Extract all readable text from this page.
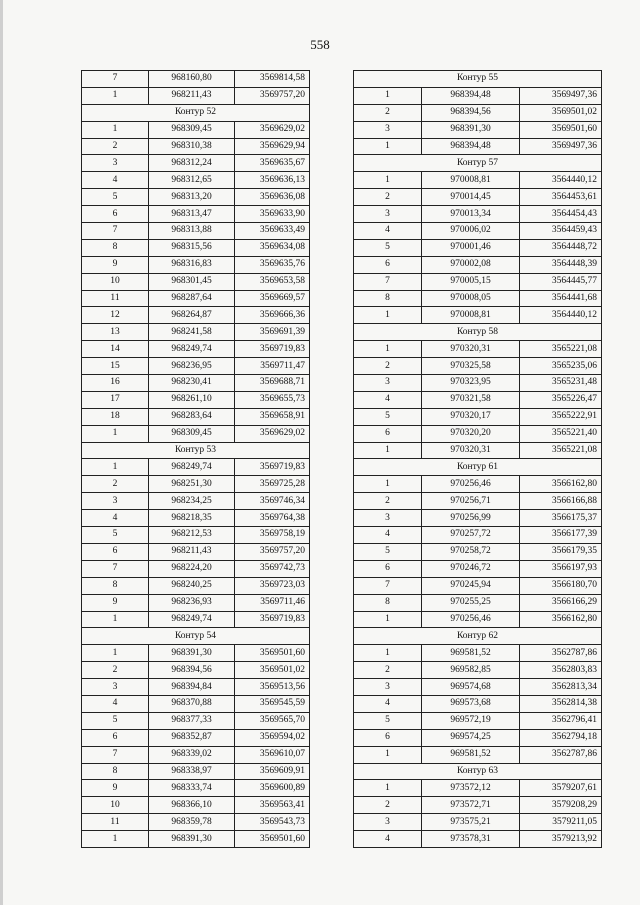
558
7	968160,80	3569814,58
1	968211,43	3569757,20
Контур 52		
1	968309,45	3569629,02
2	968310,38	3569629,94
3	968312,24	3569635,67
4	968312,65	3569636,13
5	968313,20	3569636,08
6	968313,47	3569633,90
7	968313,88	3569633,49
8	968315,56	3569634,08
9	968316,83	3569635,76
10	968301,45	3569653,58
11	968287,64	3569669,57
12	968264,87	3569666,36
13	968241,58	3569691,39
14	968249,74	3569719,83
15	968236,95	3569711,47
16	968230,41	3569688,71
17	968261,10	3569655,73
18	968283,64	3569658,91
1	968309,45	3569629,02
Контур 53		
1	968249,74	3569719,83
2	968251,30	3569725,28
3	968234,25	3569746,34
4	968218,35	3569764,38
5	968212,53	3569758,19
6	968211,43	3569757,20
7	968224,20	3569742,73
8	968240,25	3569723,03
9	968236,93	3569711,46
1	968249,74	3569719,83
Контур 54		
1	968391,30	3569501,60
2	968394,56	3569501,02
3	968394,84	3569513,56
4	968370,88	3569545,59
5	968377,33	3569565,70
6	968352,87	3569594,02
7	968339,02	3569610,07
8	968338,97	3569609,91
9	968333,74	3569600,89
10	968366,10	3569563,41
11	968359,78	3569543,73
1	968391,30	3569501,60
Контур 55		
1	968394,48	3569497,36
2	968394,56	3569501,02
3	968391,30	3569501,60
1	968394,48	3569497,36
Контур 57		
1	970008,81	3564440,12
2	970014,45	3564453,61
3	970013,34	3564454,43
4	970006,02	3564459,43
5	970001,46	3564448,72
6	970002,08	3564448,39
7	970005,15	3564445,77
8	970008,05	3564441,68
1	970008,81	3564440,12
Контур 58		
1	970320,31	3565221,08
2	970325,58	3565235,06
3	970323,95	3565231,48
4	970321,58	3565226,47
5	970320,17	3565222,91
6	970320,20	3565221,40
1	970320,31	3565221,08
Контур 61		
1	970256,46	3566162,80
2	970256,71	3566166,88
3	970256,99	3566175,37
4	970257,72	3566177,39
5	970258,72	3566179,35
6	970246,72	3566197,93
7	970245,94	3566180,70
8	970255,25	3566166,29
1	970256,46	3566162,80
Контур 62		
1	969581,52	3562787,86
2	969582,85	3562803,83
3	969574,68	3562813,34
4	969573,68	3562814,38
5	969572,19	3562796,41
6	969574,25	3562794,18
1	969581,52	3562787,86
Контур 63		
1	973572,12	3579207,61
2	973572,71	3579208,29
3	973575,21	3579211,05
4	973578,31	3579213,92
